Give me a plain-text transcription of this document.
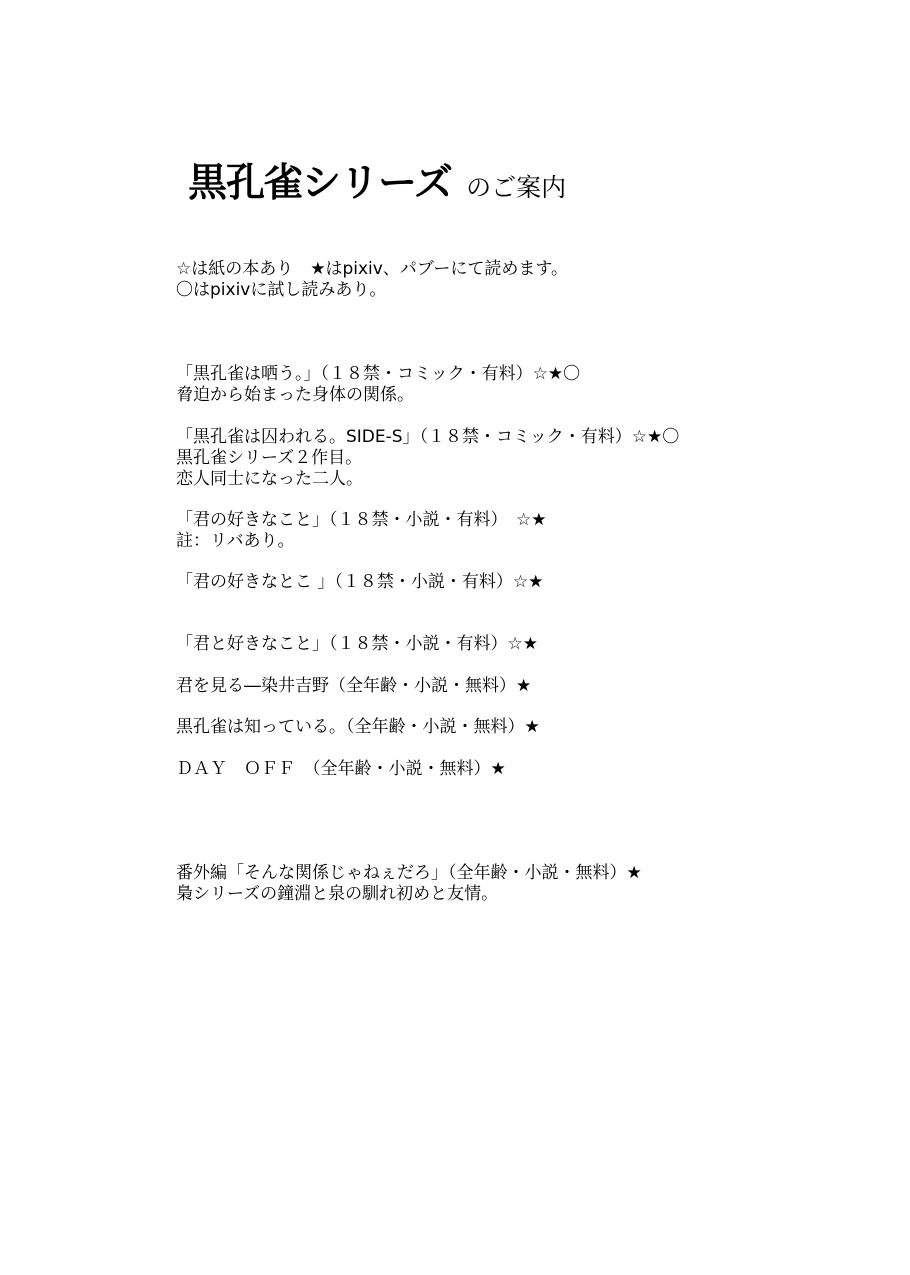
黒孔雀シリーズ のご案内
☆は紙の本あり　★はpixiv、パブーにて読めます。
〇はpixivに試し読みあり。
「黒孔雀は哂う。」（１８禁・コミック・有料）☆★〇
脅迫から始まった身体の関係。
「黒孔雀は囚われる。SIDE-S」（１８禁・コミック・有料）☆★〇
黒孔雀シリーズ２作目。
恋人同士になった二人。
「君の好きなこと」（１８禁・小説・有料）　☆★
註：リバあり。
「君の好きなとこ 」（１８禁・小説・有料）☆★
「君と好きなこと」（１８禁・小説・有料）☆★
君を見る―染井吉野（全年齢・小説・無料）★
黒孔雀は知っている。（全年齢・小説・無料）★
ＤＡＹ　ＯＦＦ　（全年齢・小説・無料）★
番外編「そんな関係じゃねぇだろ」（全年齢・小説・無料）★
梟シリーズの鐘淵と泉の馴れ初めと友情。
